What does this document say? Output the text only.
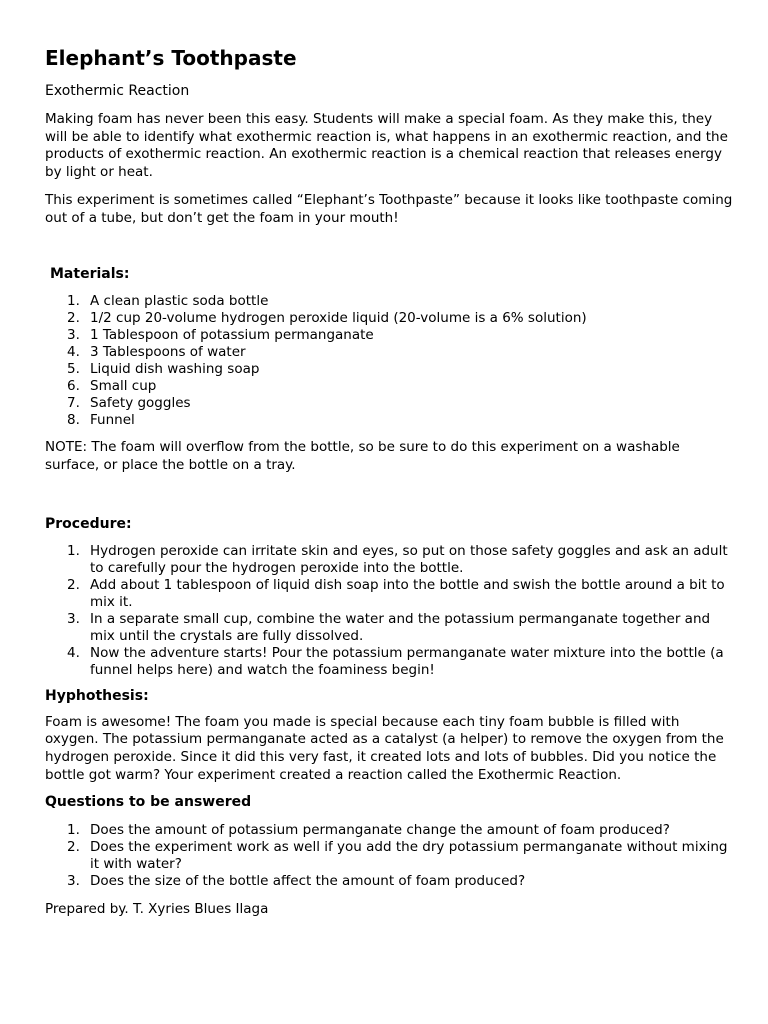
Elephant’s Toothpaste
Exothermic Reaction

Making foam has never been this easy. Students will make a special foam. As they make this, they will be able to identify what exothermic reaction is, what happens in an exothermic reaction, and the products of exothermic reaction. An exothermic reaction is a chemical reaction that releases energy by light or heat.

This experiment is sometimes called “Elephant’s Toothpaste” because it looks like toothpaste coming out of a tube, but don’t get the foam in your mouth!

Materials:
1. A clean plastic soda bottle
2. 1/2 cup 20-volume hydrogen peroxide liquid (20-volume is a 6% solution)
3. 1 Tablespoon of potassium permanganate
4. 3 Tablespoons of water
5. Liquid dish washing soap
6. Small cup
7. Safety goggles
8. Funnel

NOTE: The foam will overflow from the bottle, so be sure to do this experiment on a washable surface, or place the bottle on a tray.

Procedure:
1. Hydrogen peroxide can irritate skin and eyes, so put on those safety goggles and ask an adult to carefully pour the hydrogen peroxide into the bottle.
2. Add about 1 tablespoon of liquid dish soap into the bottle and swish the bottle around a bit to mix it.
3. In a separate small cup, combine the water and the potassium permanganate together and mix until the crystals are fully dissolved.
4. Now the adventure starts! Pour the potassium permanganate water mixture into the bottle (a funnel helps here) and watch the foaminess begin!
Hyphothesis:

Foam is awesome! The foam you made is special because each tiny foam bubble is filled with oxygen. The potassium permanganate acted as a catalyst (a helper) to remove the oxygen from the hydrogen peroxide. Since it did this very fast, it created lots and lots of bubbles. Did you notice the bottle got warm? Your experiment created a reaction called the Exothermic Reaction.

Questions to be answered
1. Does the amount of potassium permanganate change the amount of foam produced?
2. Does the experiment work as well if you add the dry potassium permanganate without mixing it with water?
3. Does the size of the bottle affect the amount of foam produced?
Prepared by. T. Xyries Blues Ilaga
